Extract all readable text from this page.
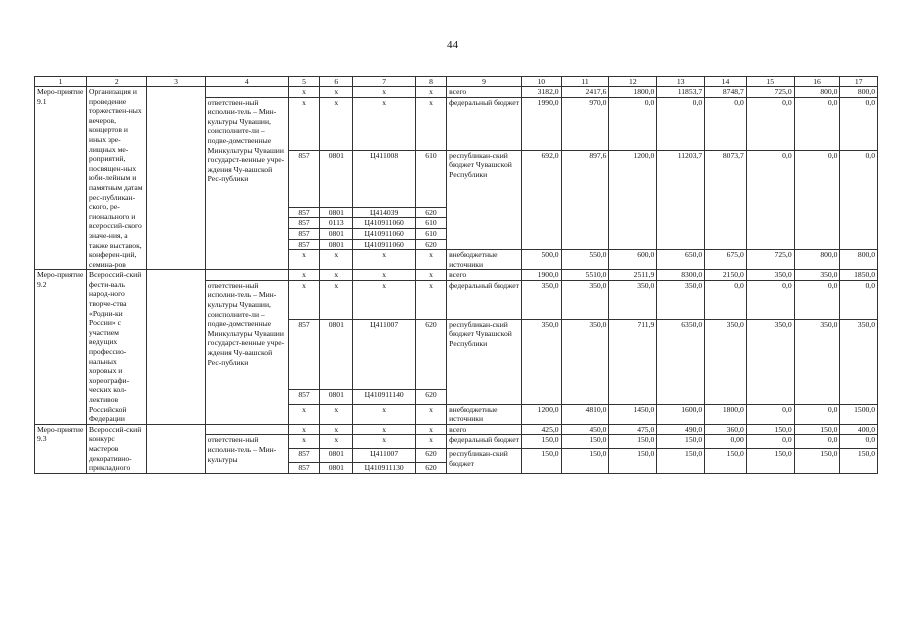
44
1	2	3	4	5	6	7	8	9	10	11	12	13	14	15	16	17
Меро-приятие 9.1	Организация и проведение торжествен-ных вечеров, концертов и иных зре-лищных ме-роприятий, посвящен-ных юби-лейным и памятным датам рес-публикан-ского, ре-гионального и всероссий-ского значе-ния, а также выставок, конферен-ций, семина-ров			x	x	x	x	всего	3182,0	2417,6	1800,0	11853,7	8748,7	725,0	800,0	800,0
			ответствен-ный исполни-тель – Мин-культуры Чувашии, соисполните-ли – подве-домственные Минкультуры Чувашии государст-венные учре-ждения Чу-вашской Рес-публики	x	x	x	x	федеральный бюджет	1990,0	970,0	0,0	0,0	0,0	0,0	0,0	0,0
				857	0801	Ц411008	610	республикан-ский бюджет Чувашской Республики	692,0	897,6	1200,0	11203,7	8073,7	0,0	0,0	0,0
				857	0801	Ц414039	620									
				857	0113	Ц410911060	610									
				857	0801	Ц410911060	610									
				857	0801	Ц410911060	620									
				x	x	x	x	внебюджетные источники	500,0	550,0	600,0	650,0	675,0	725,0	800,0	800,0
Меро-приятие 9.2	Всероссий-ский фести-валь народ-ного творче-ства «Родни-ки России» с участием ведущих профессио-нальных хоровых и хореографи-ческих кол-лективов Российской Федерации			x	x	x	x	всего	1900,0	5510,0	2511,9	8300,0	2150,0	350,0	350,0	1850,0
			ответствен-ный исполни-тель – Мин-культуры Чувашии, соисполните-ли – подве-домственные Минкультуры Чувашии государст-венные учре-ждения Чу-вашской Рес-публики	x	x	x	x	федеральный бюджет	350,0	350,0	350,0	350,0	0,0	0,0	0,0	0,0
				857	0801	Ц411007	620	республикан-ский бюджет Чувашской Республики	350,0	350,0	711,9	6350,0	350,0	350,0	350,0	350,0
				857	0801	Ц410911140	620									
				x	x	x	x	внебюджетные источники	1200,0	4810,0	1450,0	1600,0	1800,0	0,0	0,0	1500,0
Меро-приятие 9.3	Всероссий-ский конкурс мастеров декоративно-прикладного			x	x	x	x	всего	425,0	450,0	475,0	490,0	360,0	150,0	150,0	400,0
			ответствен-ный исполни-тель – Мин-культуры	x	x	x	x	федеральный бюджет	150,0	150,0	150,0	150,0	0,00	0,0	0,0	0,0
				857	0801	Ц411007	620	республикан-ский бюджет	150,0	150,0	150,0	150,0	150,0	150,0	150,0	150,0
				857	0801	Ц410911130	620									
